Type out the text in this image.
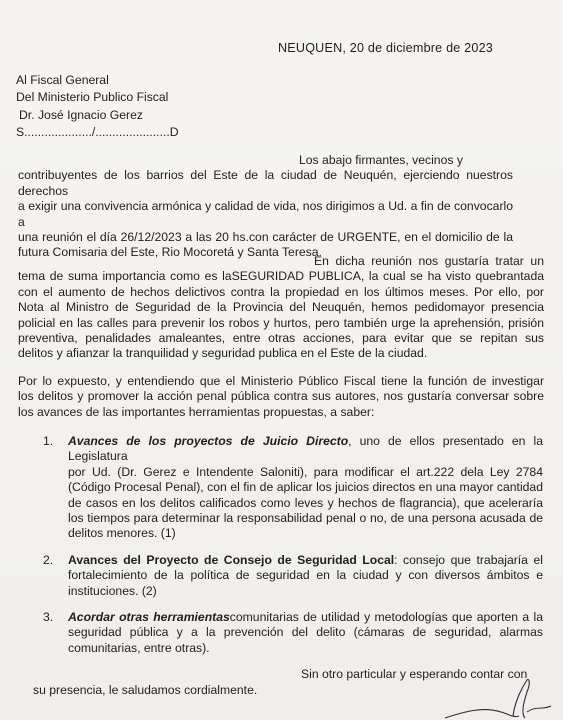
NEUQUEN, 20 de diciembre de 2023
Al Fiscal General
Del Ministerio Publico Fiscal
Dr. José Ignacio Gerez
S..................../......................D
Los abajo firmantes, vecinos y
contribuyentes de los barrios del Este de la ciudad de Neuquén, ejerciendo nuestros derechos
a exigir una convivencia armónica y calidad de vida, nos dirigimos a Ud. a fin de convocarlo a
una reunión el día 26/12/2023 a las 20 hs.con carácter de URGENTE, en el domicilio de la
futura Comisaria del Este, Rio Mocoretá y Santa Teresa.
En dicha reunión nos gustaría tratar un
tema de suma importancia como es laSEGURIDAD PUBLICA, la cual se ha visto quebrantada
con el aumento de hechos delictivos contra la propiedad en los últimos meses. Por ello, por
Nota al Ministro de Seguridad de la Provincia del Neuquén, hemos pedidomayor presencia
policial en las calles para prevenir los robos y hurtos, pero también urge la aprehensión, prisión
preventiva, penalidades amaleantes, entre otras acciones, para evitar que se repitan sus
delitos y afianzar la tranquilidad y seguridad publica en el Este de la ciudad.
Por lo expuesto, y entendiendo que el Ministerio Público Fiscal tiene la función de investigar
los delitos y promover la acción penal pública contra sus autores, nos gustaría conversar sobre
los avances de las importantes herramientas propuestas, a saber:
1. Avances de los proyectos de Juicio Directo, uno de ellos presentado en la Legislatura
por Ud. (Dr. Gerez e Intendente Saloniti), para modificar el art.222 dela Ley 2784
(Código Procesal Penal), con el fin de aplicar los juicios directos en una mayor cantidad
de casos en los delitos calificados como leves y hechos de flagrancia), que aceleraría
los tiempos para determinar la responsabilidad penal o no, de una persona acusada de
delitos menores. (1)
2. Avances del Proyecto de Consejo de Seguridad Local: consejo que trabajaría el
fortalecimiento de la política de seguridad en la ciudad y con diversos ámbitos e
instituciones. (2)
3. Acordar otras herramientascomunitarias de utilidad y metodologías que aporten a la
seguridad pública y a la prevención del delito (cámaras de seguridad, alarmas
comunitarias, entre otras).
Sin otro particular y esperando contar con
su presencia, le saludamos cordialmente.
